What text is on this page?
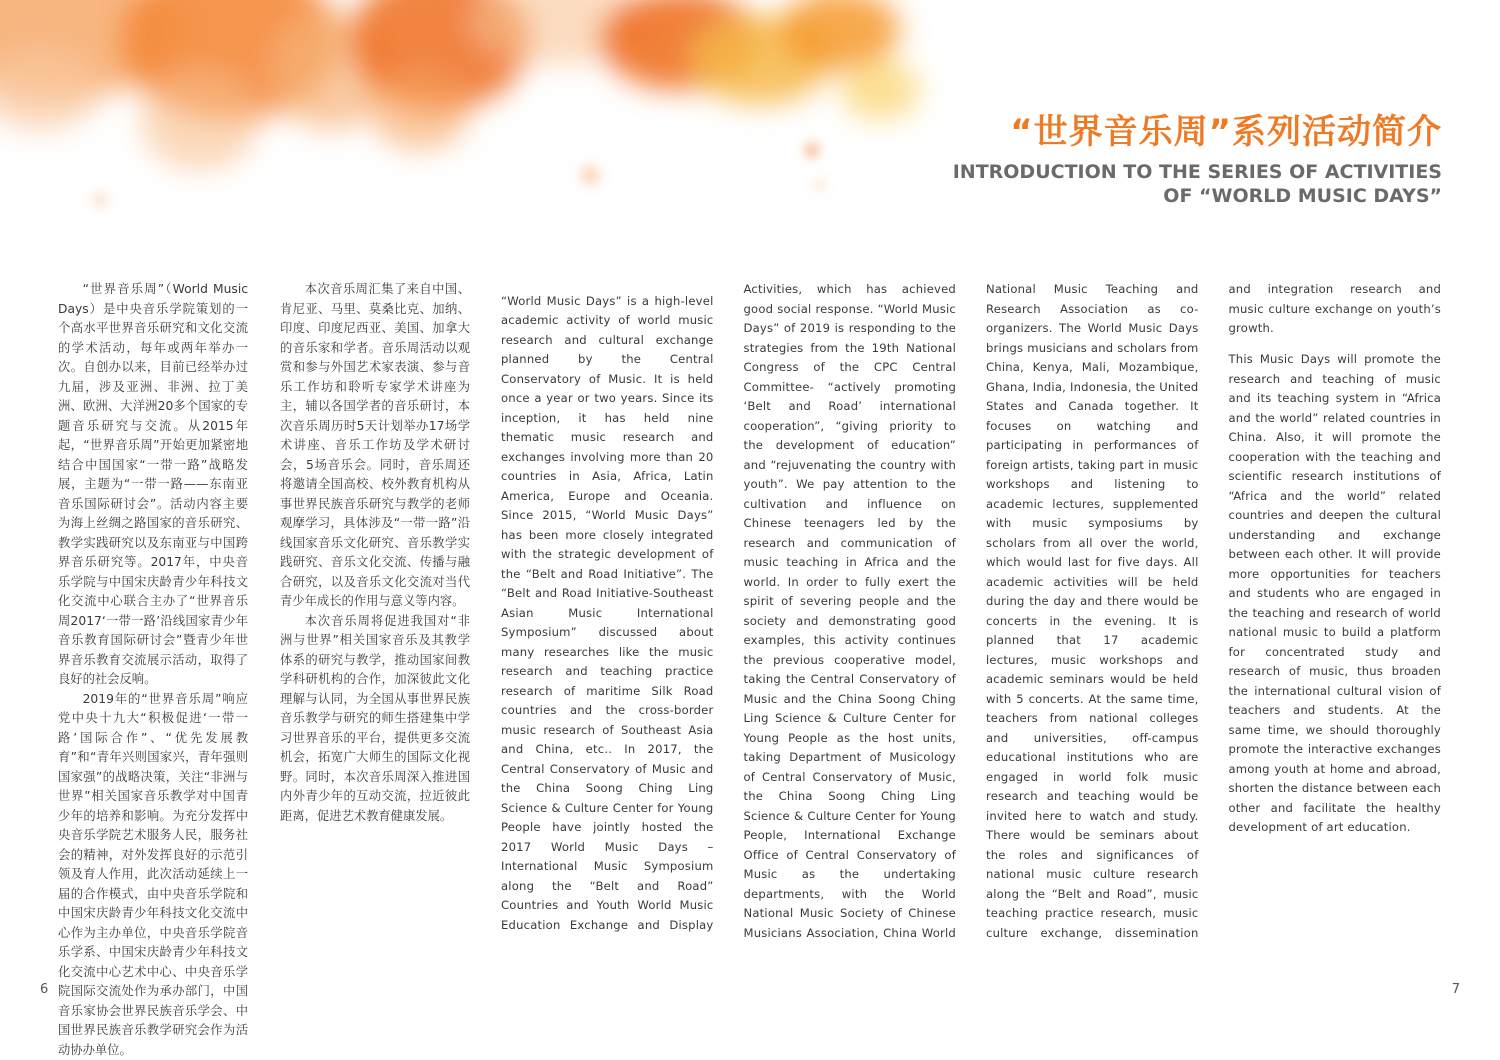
“世界音乐周”系列活动简介
INTRODUCTION TO THE SERIES OF ACTIVITIES
OF “WORLD MUSIC DAYS”

“世界音乐周”（World Music Days）是中央音乐学院策划的一个高水平世界音乐研究和文化交流的学术活动，每年或两年举办一次。自创办以来，目前已经举办过九届，涉及亚洲、非洲、拉丁美洲、欧洲、大洋洲20多个国家的专题音乐研究与交流。从2015年起，“世界音乐周”开始更加紧密地结合中国国家“一带一路”战略发展，主题为“一带一路——东南亚音乐国际研讨会”。活动内容主要为海上丝绸之路国家的音乐研究、教学实践研究以及东南亚与中国跨界音乐研究等。2017年，中央音乐学院与中国宋庆龄青少年科技文化交流中心联合主办了“世界音乐周2017‘一带一路’沿线国家青少年音乐教育国际研讨会”暨青少年世界音乐教育交流展示活动，取得了良好的社会反响。

2019年的“世界音乐周”响应党中央十九大“积极促进‘一带一路’国际合作”、“优先发展教育”和“青年兴则国家兴，青年强则国家强”的战略决策，关注“非洲与世界”相关国家音乐教学对中国青少年的培养和影响。为充分发挥中央音乐学院艺术服务人民，服务社会的精神，对外发挥良好的示范引领及育人作用，此次活动延续上一届的合作模式，由中央音乐学院和中国宋庆龄青少年科技文化交流中心作为主办单位，中央音乐学院音乐学系、中国宋庆龄青少年科技文化交流中心艺术中心、中央音乐学院国际交流处作为承办部门，中国音乐家协会世界民族音乐学会、中国世界民族音乐教学研究会作为活动协办单位。

本次音乐周汇集了来自中国、肯尼亚、马里、莫桑比克、加纳、印度、印度尼西亚、美国、加拿大的音乐家和学者。音乐周活动以观赏和参与外国艺术家表演、参与音乐工作坊和聆听专家学术讲座为主，辅以各国学者的音乐研讨，本次音乐周历时5天计划举办17场学术讲座、音乐工作坊及学术研讨会，5场音乐会。同时，音乐周还将邀请全国高校、校外教育机构从事世界民族音乐研究与教学的老师观摩学习，具体涉及“一带一路”沿线国家音乐文化研究、音乐教学实践研究、音乐文化交流、传播与融合研究，以及音乐文化交流对当代青少年成长的作用与意义等内容。

本次音乐周将促进我国对“非洲与世界”相关国家音乐及其教学体系的研究与教学，推动国家间教学科研机构的合作，加深彼此文化理解与认同，为全国从事世界民族音乐教学与研究的师生搭建集中学习世界音乐的平台，提供更多交流机会，拓宽广大师生的国际文化视野。同时，本次音乐周深入推进国内外青少年的互动交流，拉近彼此距离，促进艺术教育健康发展。

“World Music Days” is a high-level academic activity of world music research and cultural exchange planned by the Central Conservatory of Music. It is held once a year or two years. Since its inception, it has held nine thematic music research and exchanges involving more than 20 countries in Asia, Africa, Latin America, Europe and Oceania. Since 2015, “World Music Days” has been more closely integrated with the strategic development of the “Belt and Road Initiative”. The “Belt and Road Initiative-Southeast Asian Music International Symposium” discussed about many researches like the music research and teaching practice research of maritime Silk Road countries and the cross-border music research of Southeast Asia and China, etc.. In 2017, the Central Conservatory of Music and the China Soong Ching Ling Science & Culture Center for Young People have jointly hosted the 2017 World Music Days – International Music Symposium along the “Belt and Road” Countries and Youth World Music Education Exchange and Display Activities, which has achieved good social response. “World Music Days” of 2019 is responding to the strategies from the 19th National Congress of the CPC Central Committee- “actively promoting ‘Belt and Road’ international cooperation”, “giving priority to the development of education” and “rejuvenating the country with youth”. We pay attention to the cultivation and influence on Chinese teenagers led by the research and communication of music teaching in Africa and the world. In order to fully exert the spirit of severing people and the society and demonstrating good examples, this activity continues the previous cooperative model, taking the Central Conservatory of Music and the China Soong Ching Ling Science & Culture Center for Young People as the host units, taking Department of Musicology of Central Conservatory of Music, the China Soong Ching Ling Science & Culture Center for Young People, International Exchange Office of Central Conservatory of Music as the undertaking departments, with the World National Music Society of Chinese Musicians Association, China World National Music Teaching and Research Association as co-organizers. The World Music Days brings musicians and scholars from China, Kenya, Mali, Mozambique, Ghana, India, Indonesia, the United States and Canada together. It focuses on watching and participating in performances of foreign artists, taking part in music workshops and listening to academic lectures, supplemented with music symposiums by scholars from all over the world, which would last for five days. All academic activities will be held during the day and there would be concerts in the evening. It is planned that 17 academic lectures, music workshops and academic seminars would be held with 5 concerts. At the same time, teachers from national colleges and universities, off-campus educational institutions who are engaged in world folk music research and teaching would be invited here to watch and study. There would be seminars about the roles and significances of national music culture research along the “Belt and Road”, music teaching practice research, music culture exchange, dissemination and integration research and music culture exchange on youth’s growth.

This Music Days will promote the research and teaching of music and its teaching system in “Africa and the world” related countries in China. Also, it will promote the cooperation with the teaching and scientific research institutions of “Africa and the world” related countries and deepen the cultural understanding and exchange between each other. It will provide more opportunities for teachers and students who are engaged in the teaching and research of world national music to build a platform for concentrated study and research of music, thus broaden the international cultural vision of teachers and students. At the same time, we should thoroughly promote the interactive exchanges among youth at home and abroad, shorten the distance between each other and facilitate the healthy development of art education.

6	7
